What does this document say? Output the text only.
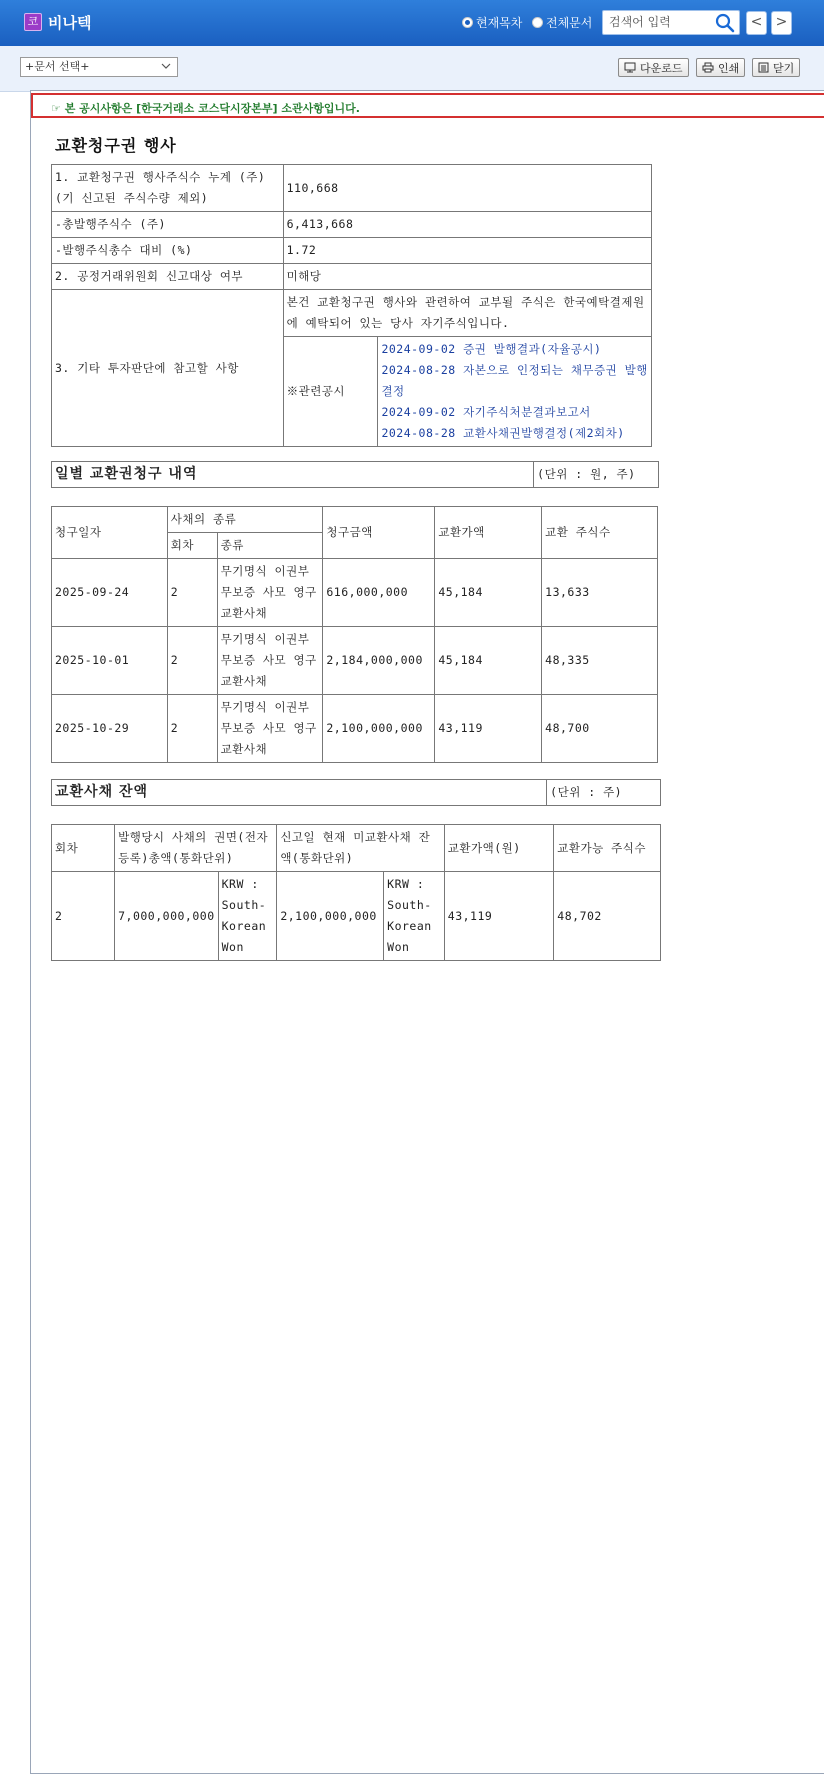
코 비나텍	현재목차 전체문서
검색어 입력	< >
+문서 선택+	다운로드	인쇄	닫기
☞ 본 공시사항은 [한국거래소 코스닥시장본부] 소관사항입니다.
교환청구권 행사
1. 교환청구권 행사주식수 누계 (주)(기 신고된 주식수량 제외)	110,668	
-총발행주식수 (주)	6,413,668	
-발행주식총수 대비 (%)	1.72	
2. 공정거래위원회 신고대상 여부	미해당	
3. 기타 투자판단에 참고할 사항	본건 교환청구권 행사와 관련하여 교부될 주식은 한국예탁결제원에 예탁되어 있는 당사 자기주식입니다.	
	※관련공시	2024-09-02 증권 발행결과(자율공시)
2024-08-28 자본으로 인정되는 채무증권 발행결정
2024-09-02 자기주식처분결과보고서
2024-08-28 교환사채권발행결정(제2회차)
일별 교환권청구 내역	(단위 : 원, 주)
청구일자	사채의 종류		청구금액	교환가액	교환 주식수
	회차	종류			
2025-09-24	2	무기명식 이권부 무보증 사모 영구 교환사채	616,000,000	45,184	13,633
2025-10-01	2	무기명식 이권부 무보증 사모 영구 교환사채	2,184,000,000	45,184	48,335
2025-10-29	2	무기명식 이권부 무보증 사모 영구 교환사채	2,100,000,000	43,119	48,700
교환사채 잔액	(단위 : 주)
회차	발행당시 사채의 권면(전자등록)총액(통화단위)		신고일 현재 미교환사채 잔액(통화단위)		교환가액(원)	교환가능 주식수
2	7,000,000,000	KRW : South-Korean Won	2,100,000,000	KRW : South-Korean Won	43,119	48,702
